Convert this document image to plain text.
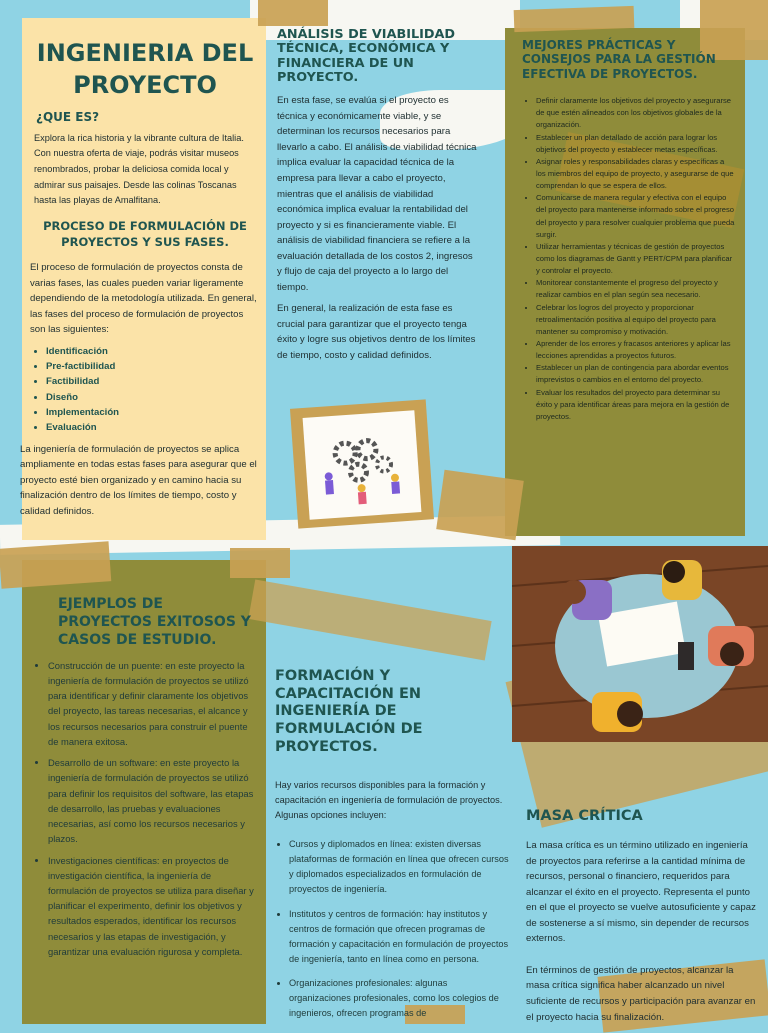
INGENIERIA DEL PROYECTO
¿QUE ES?

Explora la rica historia y la vibrante cultura de Italia. Con nuestra oferta de viaje, podrás visitar museos renombrados, probar la deliciosa comida local y admirar sus paisajes. Desde las colinas Toscanas hasta las playas de Amalfitana.

PROCESO DE FORMULACIÓN DE PROYECTOS Y SUS FASES.

El proceso de formulación de proyectos consta de varias fases, las cuales pueden variar ligeramente dependiendo de la metodología utilizada. En general, las fases del proceso de formulación de proyectos son las siguientes:

• Identificación
• Pre-factibilidad
• Factibilidad
• Diseño
• Implementación
• Evaluación

La ingeniería de formulación de proyectos se aplica ampliamente en todas estas fases para asegurar que el proyecto esté bien organizado y en camino hacia su finalización dentro de los límites de tiempo, costo y calidad definidos.

ANÁLISIS DE VIABILIDAD TÉCNICA, ECONÓMICA Y FINANCIERA DE UN PROYECTO.

En esta fase, se evalúa si el proyecto es técnica y económicamente viable, y se determinan los recursos necesarios para llevarlo a cabo. El análisis de viabilidad técnica implica evaluar la capacidad técnica de la empresa para llevar a cabo el proyecto, mientras que el análisis de viabilidad económica implica evaluar la rentabilidad del proyecto y si es financieramente viable. El análisis de viabilidad financiera se refiere a la evaluación detallada de los costos 2, ingresos y flujo de caja del proyecto a lo largo del tiempo.

En general, la realización de esta fase es crucial para garantizar que el proyecto tenga éxito y logre sus objetivos dentro de los límites de tiempo, costo y calidad definidos.

MEJORES PRÁCTICAS Y CONSEJOS PARA LA GESTIÓN EFECTIVA DE PROYECTOS.
• Definir claramente los objetivos del proyecto y asegurarse de que estén alineados con los objetivos globales de la organización.
• Establecer un plan detallado de acción para lograr los objetivos del proyecto y establecer metas específicas.
• Asignar roles y responsabilidades claras y específicas a los miembros del equipo de proyecto, y asegurarse de que comprendan lo que se espera de ellos.
• Comunicarse de manera regular y efectiva con el equipo del proyecto para mantenerse informado sobre el progreso del proyecto y para resolver cualquier problema que pueda surgir.
• Utilizar herramientas y técnicas de gestión de proyectos como los diagramas de Gantt y PERT/CPM para planificar y controlar el proyecto.
• Monitorear constantemente el progreso del proyecto y realizar cambios en el plan según sea necesario.
• Celebrar los logros del proyecto y proporcionar retroalimentación positiva al equipo del proyecto para mantener su compromiso y motivación.
• Aprender de los errores y fracasos anteriores y aplicar las lecciones aprendidas a proyectos futuros.
• Establecer un plan de contingencia para abordar eventos imprevistos o cambios en el entorno del proyecto.
• Evaluar los resultados del proyecto para determinar su éxito y para identificar áreas para mejora en la gestión de proyectos.
EJEMPLOS DE PROYECTOS EXITOSOS Y CASOS DE ESTUDIO.
• Construcción de un puente: en este proyecto la ingeniería de formulación de proyectos se utilizó para identificar y definir claramente los objetivos del proyecto, las tareas necesarias, el alcance y los recursos necesarios para construir el puente de manera exitosa.
• Desarrollo de un software: en este proyecto la ingeniería de formulación de proyectos se utilizó para definir los requisitos del software, las etapas de desarrollo, las pruebas y evaluaciones necesarias, así como los recursos necesarios y plazos.
• Investigaciones científicas: en proyectos de investigación científica, la ingeniería de formulación de proyectos se utiliza para diseñar y planificar el experimento, definir los objetivos y resultados esperados, identificar los recursos necesarios y las etapas de investigación, y garantizar una evaluación rigurosa y completa.
FORMACIÓN Y CAPACITACIÓN EN INGENIERÍA DE FORMULACIÓN DE PROYECTOS.

Hay varios recursos disponibles para la formación y capacitación en ingeniería de formulación de proyectos. Algunas opciones incluyen:

• Cursos y diplomados en línea: existen diversas plataformas de formación en línea que ofrecen cursos y diplomados especializados en formulación de proyectos de ingeniería.
• Institutos y centros de formación: hay institutos y centros de formación que ofrecen programas de formación y capacitación en formulación de proyectos de ingeniería, tanto en línea como en persona.
• Organizaciones profesionales: algunas organizaciones profesionales, como los colegios de ingenieros, ofrecen programas de
MASA CRÍTICA

La masa crítica es un término utilizado en ingeniería de proyectos para referirse a la cantidad mínima de recursos, personal o financiero, requeridos para alcanzar el éxito en el proyecto. Representa el punto en el que el proyecto se vuelve autosuficiente y capaz de sostenerse a sí mismo, sin depender de recursos externos.

En términos de gestión de proyectos, alcanzar la masa crítica significa haber alcanzado un nivel suficiente de recursos y participación para avanzar en el proyecto hacia su finalización.
